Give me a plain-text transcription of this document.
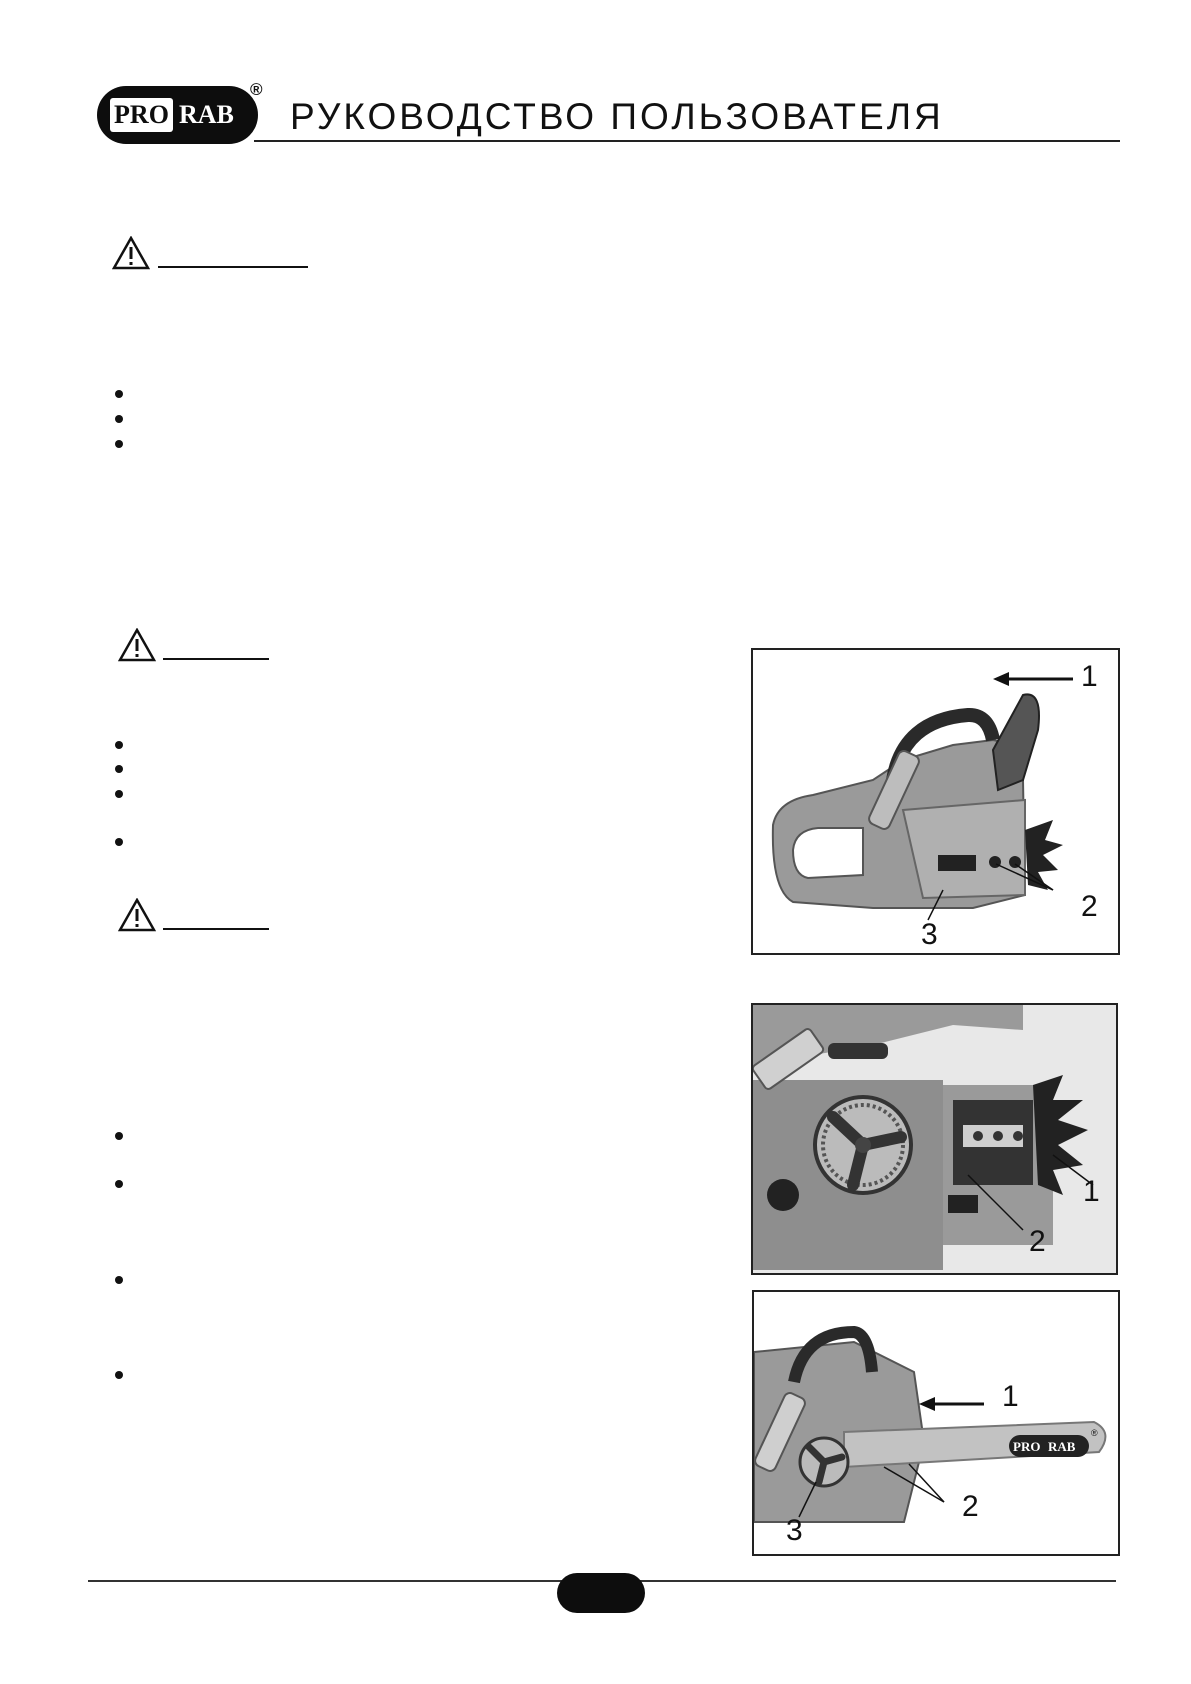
PRO RAB
®
РУКОВОДСТВО ПОЛЬЗОВАТЕЛЯ
1
2
3
1
2
PRO RAB
®
1
2
3
